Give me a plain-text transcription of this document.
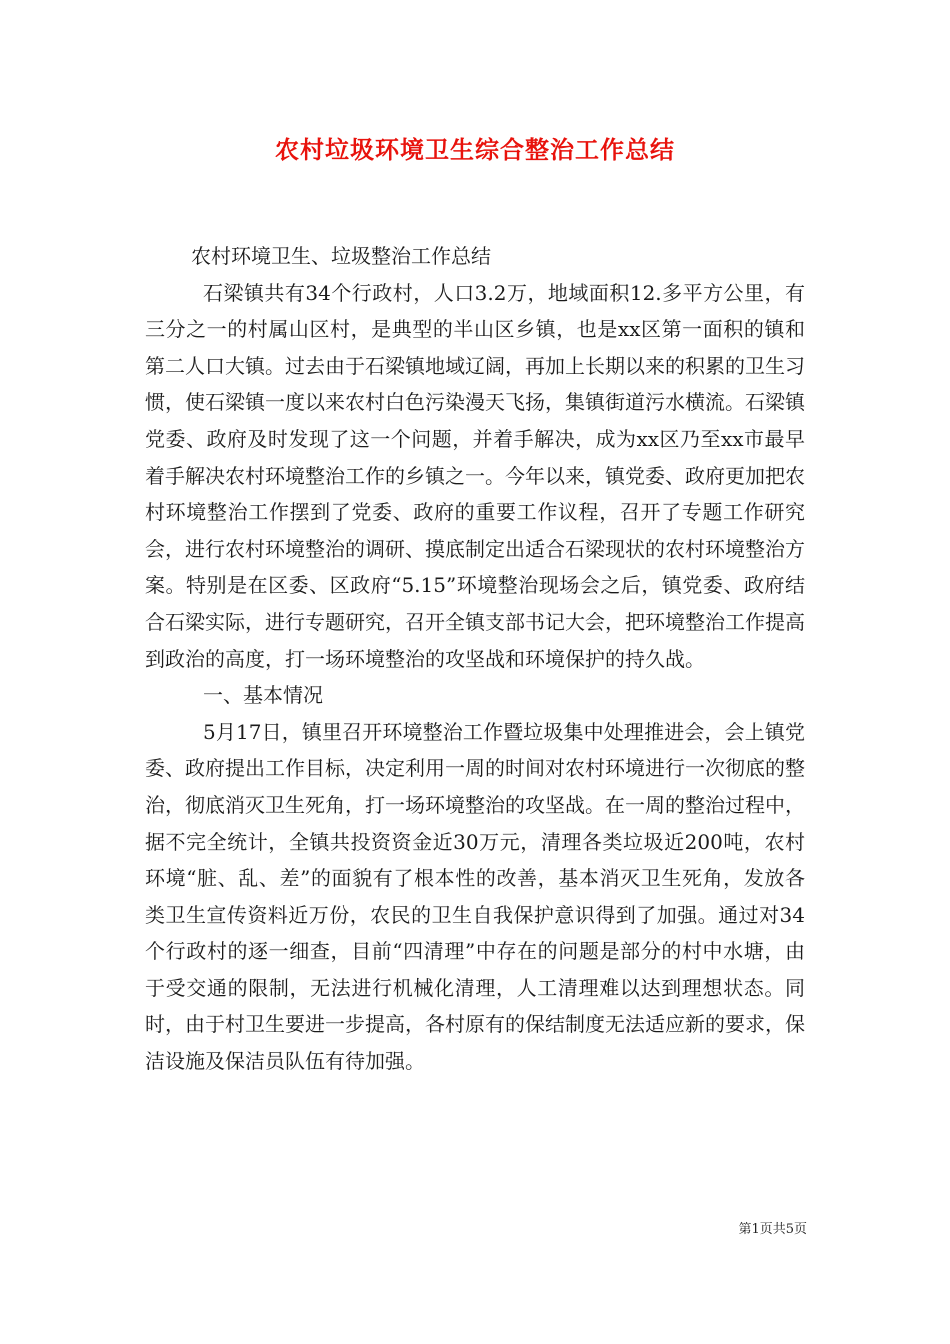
农村垃圾环境卫生综合整治工作总结

农村环境卫生、垃圾整治工作总结

石梁镇共有34个行政村，人口3.2万，地域面积12.多平方公里，有三分之一的村属山区村，是典型的半山区乡镇，也是xx区第一面积的镇和第二人口大镇。过去由于石梁镇地域辽阔，再加上长期以来的积累的卫生习惯，使石梁镇一度以来农村白色污染漫天飞扬，集镇街道污水横流。石梁镇党委、政府及时发现了这一个问题，并着手解决，成为xx区乃至xx市最早着手解决农村环境整治工作的乡镇之一。今年以来，镇党委、政府更加把农村环境整治工作摆到了党委、政府的重要工作议程，召开了专题工作研究会，进行农村环境整治的调研、摸底制定出适合石梁现状的农村环境整治方案。特别是在区委、区政府“5.15”环境整治现场会之后，镇党委、政府结合石梁实际，进行专题研究，召开全镇支部书记大会，把环境整治工作提高到政治的高度，打一场环境整治的攻坚战和环境保护的持久战。

一、基本情况

5月17日，镇里召开环境整治工作暨垃圾集中处理推进会，会上镇党委、政府提出工作目标，决定利用一周的时间对农村环境进行一次彻底的整治，彻底消灭卫生死角，打一场环境整治的攻坚战。在一周的整治过程中，据不完全统计，全镇共投资资金近30万元，清理各类垃圾近200吨，农村环境“脏、乱、差”的面貌有了根本性的改善，基本消灭卫生死角，发放各类卫生宣传资料近万份，农民的卫生自我保护意识得到了加强。通过对34个行政村的逐一细查，目前“四清理”中存在的问题是部分的村中水塘，由于受交通的限制，无法进行机械化清理，人工清理难以达到理想状态。同时，由于村卫生要进一步提高，各村原有的保结制度无法适应新的要求，保洁设施及保洁员队伍有待加强。

第1页共5页
